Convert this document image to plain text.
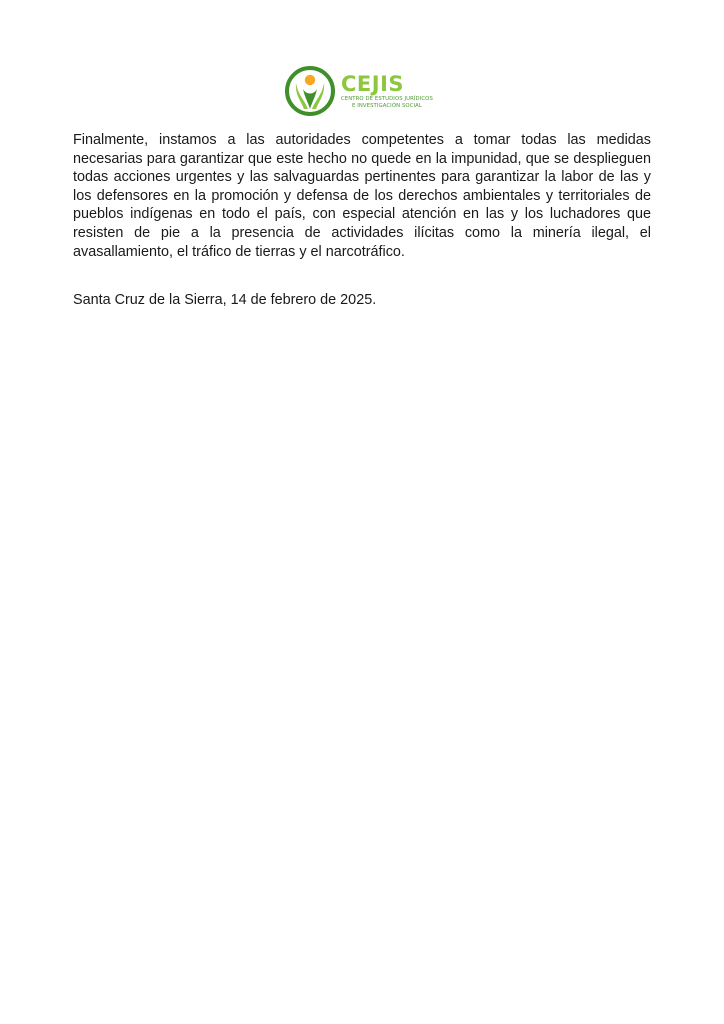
CEJIS
CENTRO DE ESTUDIOS JURÍDICOS
E INVESTIGACIÓN SOCIAL

Finalmente, instamos a las autoridades competentes a tomar todas las medidas necesarias para garantizar que este hecho no quede en la impunidad, que se desplieguen todas acciones urgentes y las salvaguardas pertinentes para garantizar la labor de las y los defensores en la promoción y defensa de los derechos ambientales y territoriales de pueblos indígenas en todo el país, con especial atención en las y los luchadores que resisten de pie a la presencia de actividades ilícitas como la minería ilegal, el avasallamiento, el tráfico de tierras y el narcotráfico.

Santa Cruz de la Sierra, 14 de febrero de 2025.
